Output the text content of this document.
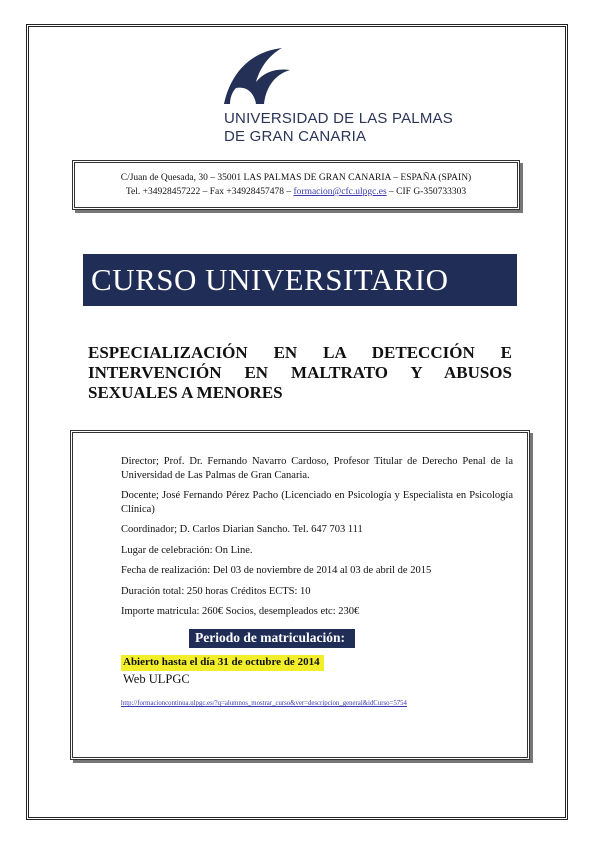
UNIVERSIDAD DE LAS PALMAS
DE GRAN CANARIA
C/Juan de Quesada, 30 – 35001 LAS PALMAS DE GRAN CANARIA – ESPAÑA (SPAIN)
Tel. +34928457222 – Fax +34928457478 – formacion@cfc.ulpgc.es – CIF G-350733303
CURSO UNIVERSITARIO
ESPECIALIZACIÓN EN LA DETECCIÓN E INTERVENCIÓN EN MALTRATO Y ABUSOS SEXUALES A MENORES

Director; Prof. Dr. Fernando Navarro Cardoso, Profesor Titular de Derecho Penal de la Universidad de Las Palmas de Gran Canaria.

Docente; José Fernando Pérez Pacho (Licenciado en Psicología y Especialista en Psicología Clínica)

Coordinador; D. Carlos Diarian Sancho. Tel. 647 703 111

Lugar de celebración: On Line.

Fecha de realización: Del 03 de noviembre de 2014 al 03 de abril de 2015

Duración total: 250 horas Créditos ECTS: 10

Importe matricula: 260€ Socios, desempleados etc: 230€

Periodo de matriculación:
Abierto hasta el día 31 de octubre de 2014
Web ULPGC
http://formacioncontinua.ulpgc.es/?q=alumnos_mostrar_curso&ver=descripcion_general&idCurso=5754
